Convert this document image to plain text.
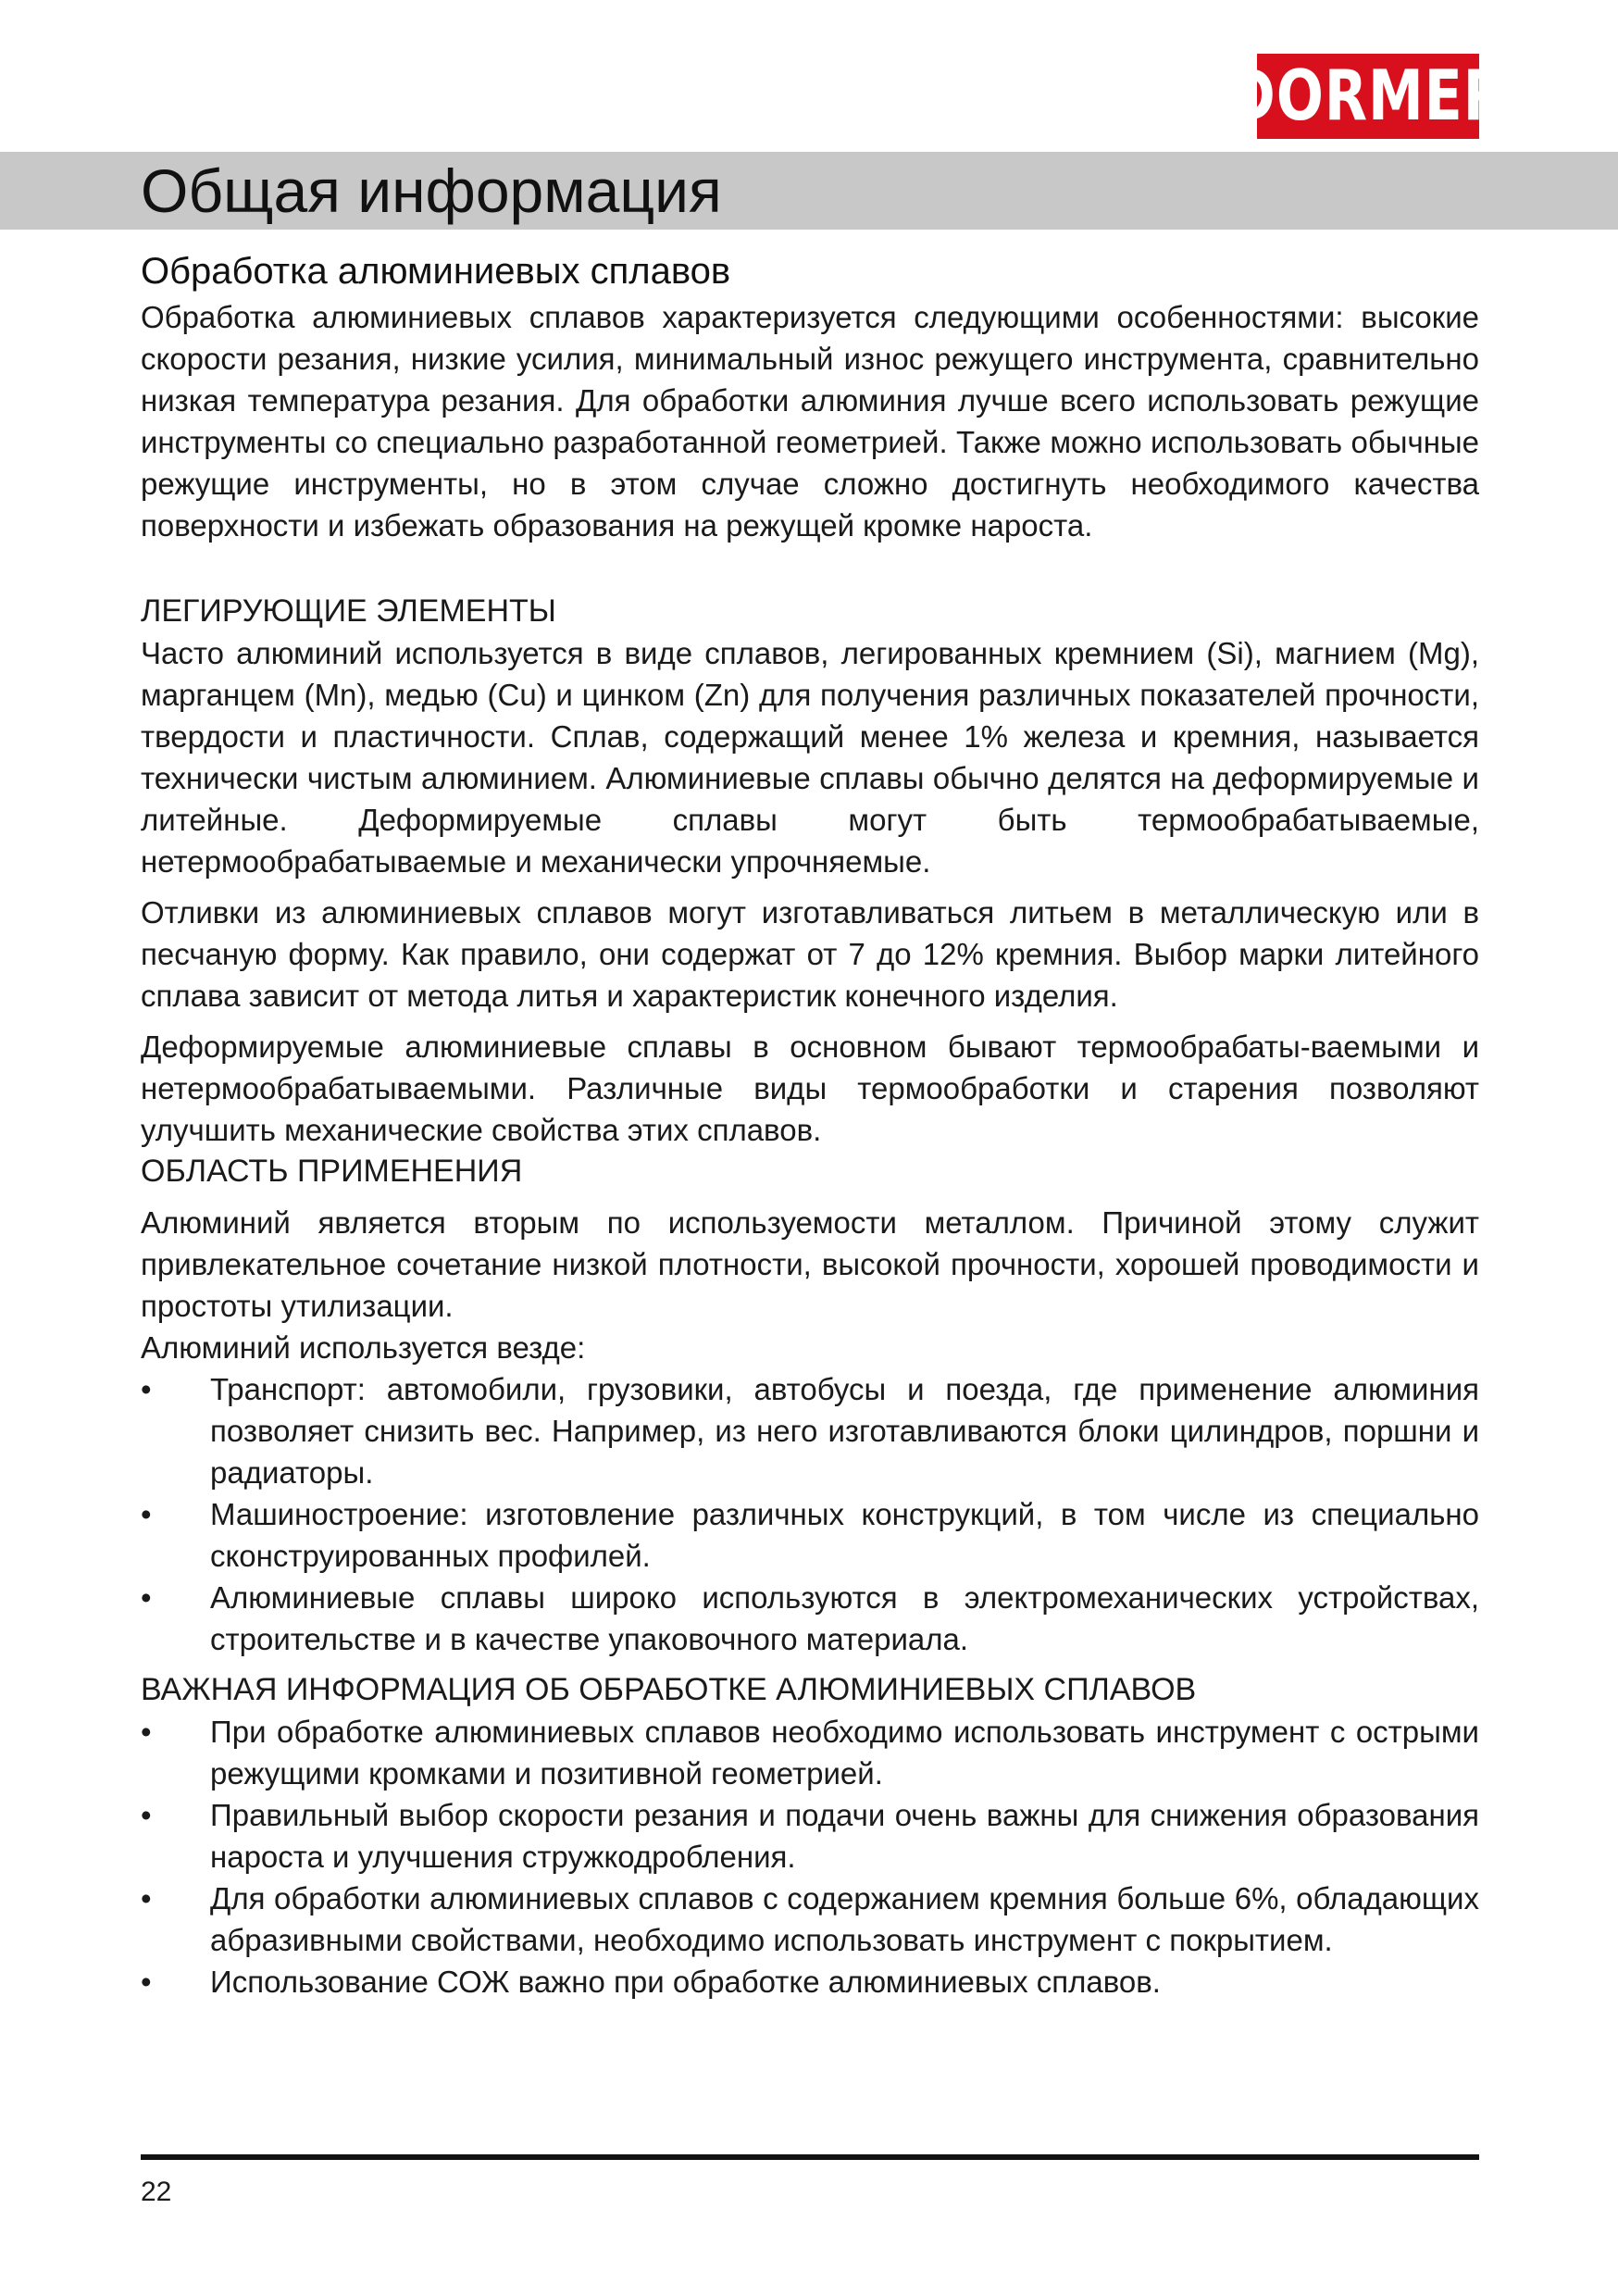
DORMER
Общая информация
Обработка алюминиевых сплавов

Обработка алюминиевых сплавов характеризуется следующими особенностями: высокие скорости резания, низкие усилия, минимальный износ режущего инструмента, сравнительно низкая температура резания. Для обработки алюминия лучше всего использовать режущие инструменты со специально разработанной геометрией. Также можно использовать обычные режущие инструменты, но в этом случае сложно достигнуть необходимого качества поверхности и избежать образования на режущей кромке нароста.

ЛЕГИРУЮЩИЕ ЭЛЕМЕНТЫ

Часто алюминий используется в виде сплавов, легированных кремнием (Si), магнием (Mg), марганцем (Mn), медью (Cu) и цинком (Zn) для получения различных показателей прочности, твердости и пластичности. Сплав, содержащий менее 1% железа и кремния, называется технически чистым алюминием. Алюминиевые сплавы обычно делятся на деформируемые и литейные. Деформируемые сплавы могут быть термообрабатываемые, нетермообрабатываемые и механически упрочняемые.

Отливки из алюминиевых сплавов могут изготавливаться литьем в металлическую или в песчаную форму. Как правило, они содержат от 7 до 12% кремния. Выбор марки литейного сплава зависит от метода литья и характеристик конечного изделия.

Деформируемые алюминиевые сплавы в основном бывают термообрабаты-ваемыми и нетермообрабатываемыми. Различные виды термообработки и старения позволяют улучшить механические свойства этих сплавов.

ОБЛАСТЬ ПРИМЕНЕНИЯ

Алюминий является вторым по используемости металлом. Причиной этому служит привлекательное сочетание низкой плотности, высокой прочности, хорошей проводимости и простоты утилизации.

Алюминий используется везде:

•	Транспорт: автомобили, грузовики, автобусы и поезда, где применение алюминия позволяет снизить вес. Например, из него изготавливаются блоки цилиндров, поршни и радиаторы.
•	Машиностроение: изготовление различных конструкций, в том числе из специально сконструированных профилей.
•	Алюминиевые сплавы широко используются в электромеханических устройствах, строительстве и в качестве упаковочного материала.
ВАЖНАЯ ИНФОРМАЦИЯ ОБ ОБРАБОТКЕ АЛЮМИНИЕВЫХ СПЛАВОВ
•	При обработке алюминиевых сплавов необходимо использовать инструмент с острыми режущими кромками и позитивной геометрией.
•	Правильный выбор скорости резания и подачи очень важны для снижения образования нароста и улучшения стружкодробления.
•	Для обработки алюминиевых сплавов с содержанием кремния больше 6%, обладающих абразивными свойствами, необходимо использовать инструмент с покрытием.
•	Использование СОЖ важно при обработке алюминиевых сплавов.
22
